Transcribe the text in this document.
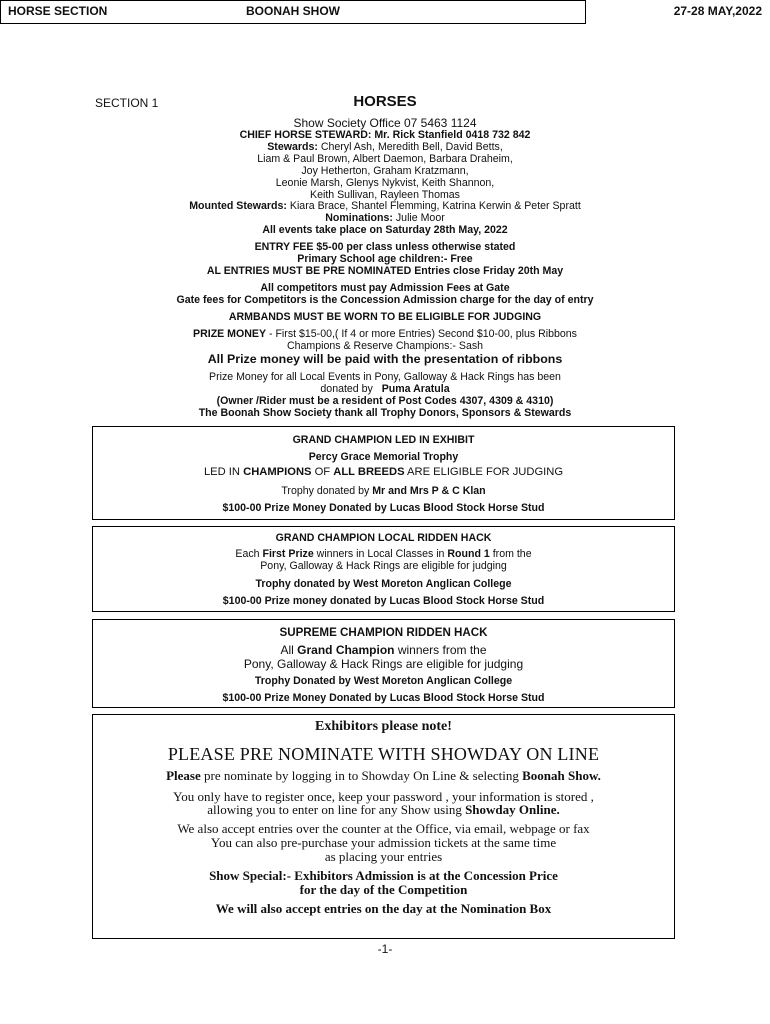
HORSE SECTION	BOONAH SHOW	27-28 MAY,2022
SECTION 1	HORSES
Show Society Office 07 5463 1124
CHIEF HORSE STEWARD: Mr. Rick Stanfield 0418 732 842
Stewards: Cheryl Ash, Meredith Bell, David Betts,
Liam & Paul Brown, Albert Daemon, Barbara Draheim,
Joy Hetherton, Graham Kratzmann,
Leonie Marsh, Glenys Nykvist, Keith Shannon,
Keith Sullivan, Rayleen Thomas
Mounted Stewards: Kiara Brace, Shantel Flemming, Katrina Kerwin & Peter Spratt
Nominations: Julie Moor
All events take place on Saturday 28th May, 2022
ENTRY FEE $5-00 per class unless otherwise stated
Primary School age children:- Free
AL ENTRIES MUST BE PRE NOMINATED Entries close Friday 20th May
All competitors must pay Admission Fees at Gate
Gate fees for Competitors is the Concession Admission charge for the day of entry
ARMBANDS MUST BE WORN TO BE ELIGIBLE FOR JUDGING
PRIZE MONEY - First $15-00,( If 4 or more Entries) Second $10-00, plus Ribbons
Champions & Reserve Champions:- Sash
All Prize money will be paid with the presentation of ribbons
Prize Money for all Local Events in Pony, Galloway & Hack Rings has been
donated by Puma Aratula
(Owner /Rider must be a resident of Post Codes 4307, 4309 & 4310)
The Boonah Show Society thank all Trophy Donors, Sponsors & Stewards
GRAND CHAMPION LED IN EXHIBIT
Percy Grace Memorial Trophy
LED IN CHAMPIONS OF ALL BREEDS ARE ELIGIBLE FOR JUDGING
Trophy donated by Mr and Mrs P & C Klan
$100-00 Prize Money Donated by Lucas Blood Stock Horse Stud
GRAND CHAMPION LOCAL RIDDEN HACK
Each First Prize winners in Local Classes in Round 1 from the
Pony, Galloway & Hack Rings are eligible for judging
Trophy donated by West Moreton Anglican College
$100-00 Prize money donated by Lucas Blood Stock Horse Stud
SUPREME CHAMPION RIDDEN HACK
All Grand Champion winners from the
Pony, Galloway & Hack Rings are eligible for judging
Trophy Donated by West Moreton Anglican College
$100-00 Prize Money Donated by Lucas Blood Stock Horse Stud
Exhibitors please note!
PLEASE PRE NOMINATE WITH SHOWDAY ON LINE
Please pre nominate by logging in to Showday On Line & selecting Boonah Show.
You only have to register once, keep your password , your information is stored ,
allowing you to enter on line for any Show using Showday Online.
We also accept entries over the counter at the Office, via email, webpage or fax
You can also pre-purchase your admission tickets at the same time
as placing your entries
Show Special:- Exhibitors Admission is at the Concession Price
for the day of the Competition
We will also accept entries on the day at the Nomination Box
-1-
